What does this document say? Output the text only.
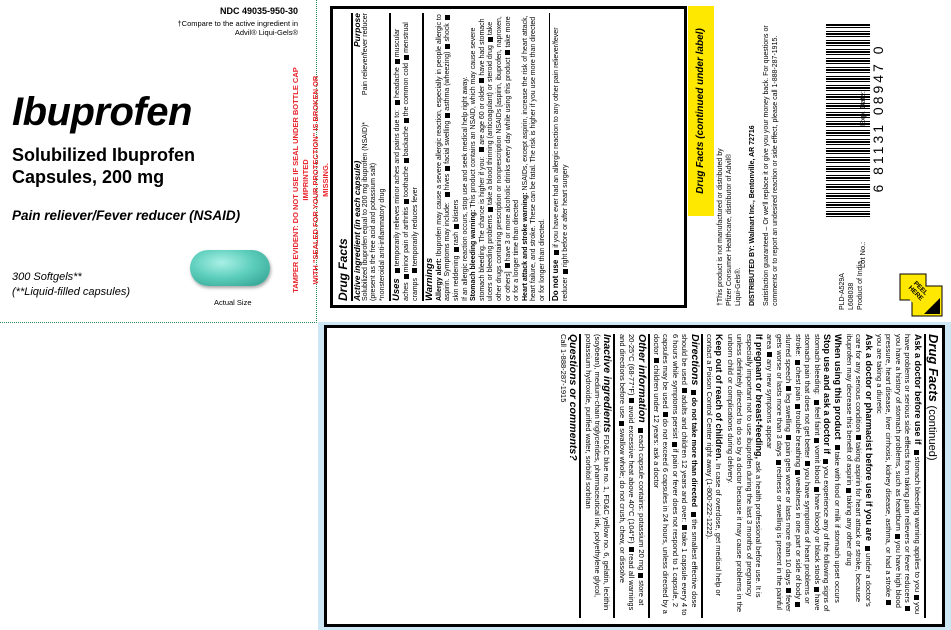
NDC 49035-950-30
†Compare to the active ingredient in
Advil® Liqui-Gels®
Ibuprofen
Solubilized Ibuprofen
Capsules, 200 mg
Pain reliever/Fever reducer (NSAID)
300 Softgels**
(**Liquid-filled capsules)
Actual Size
TAMPER EVIDENT: DO NOT USE IF SEAL UNDER BOTTLE CAP IMPRINTED WITH "SEALED FOR YOUR PROTECTION" IS BROKEN OR MISSING.
Drug Facts Active ingredient (in each capsule)
Purpose
Solubilized ibuprofen equal to 200 mg ibuprofen (NSAID)*
Pain reliever/fever reducer
(present as the free acid and potassium salt) *nonsteroidal anti-inflammatory drug Uses temporarily relieves minor aches and pains due to: headachemuscular achesminor pain of arthritistoothachebackachethe common coldmenstrual cramps temporarily reduces fever
Warnings
Allergy alert: Ibuprofen may cause a severe allergic reaction, especially in people allergic to aspirin. Symptoms may include: hivesfacial swellingasthma (wheezing)shockskin reddeningrashblisters If an allergic reaction occurs, stop use and seek medical help right away. Stomach bleeding warning: This product contains an NSAID, which may cause severe stomach bleeding. The chance is higher if you: are age 60 or olderhave had stomach ulcers or bleeding problemstake a blood thinning (anticoagulant) or steroid drugtake other drugs containing prescription or nonprescription NSAIDs [aspirin, ibuprofen, naproxen, or others]have 3 or more alcoholic drinks every day while using this producttake more or for a longer time than directed Heart attack and stroke warning: NSAIDs, except aspirin, increase the risk of heart attack, heart failure, and stroke. These can be fatal. The risk is higher if you use more than directed or for longer than directed. Do not use if you have ever had an allergic reaction to any other pain reliever/fever reducerright before or after heart surgery
Drug Facts (continued under label)
†This product is not manufactured or distributed by Pfizer Consumer Healthcare, distributor of Advil® Liqui-Gels®. DISTRIBUTED BY: Walmart Inc., Bentonville, AR 72716 Satisfaction guaranteed – Or we'll replace it or give you your money back. For questions or comments or to report an undesired reaction or side effect, please call 1-888-287-1915.	6 81131 08947 0
Exp. Date:
Lot No.:
PLD-A529A L608038 Product of India	PEEL HERE
Drug Facts (continued)
Ask a doctor before use if stomach bleeding warning applies to youyou have problems or serious side effects from taking pain relievers or fever reducersyou have a history of stomach problems, such as heartburnyou have high blood pressure, heart disease, liver cirrhosis, kidney disease, asthma, or had a strokeyou are taking a diuretic
Ask a doctor or pharmacist before use if you are under a doctor's care for any serious conditiontaking aspirin for heart attack or stroke, because ibuprofen may decrease this benefit of aspirintaking any other drug
When using this product take with food or milk if stomach upset occurs
Stop use and ask a doctor if you experience any of the following signs of stomach bleeding: feel faintvomit bloodhave bloody or black stoolshave stomach pain that does not get betteryou have symptoms of heart problems or stroke:chest paintrouble breathingweakness in one part or side of bodyslurred speechleg swellingpain gets worse or lasts more than 10 daysfever gets worse or lasts more than 3 daysredness or swelling is present in the painful areaany new symptoms appear
If pregnant or breast-feeding, ask a health professional before use. It is especially important not to use ibuprofen during the last 3 months of pregnancy unless definitely directed to do so by a doctor because it may cause problems in the unborn child or complications during delivery.
Keep out of reach of children. In case of overdose, get medical help or contact a Poison Control Center right away (1-800-222-1222).
Directions do not take more than directed the smallest effective dose should be usedadults and children 12 years and over:take 1 capsule every 4 to 6 hours while symptoms persistif pain or fever does not respond to 1 capsule, 2 capsules may be useddo not exceed 6 capsules in 24 hours, unless directed by a doctorchildren under 12 years: ask a doctor
Other information each capsule contains: potassium 20 mgstore at 20-25°C (68-77°F)avoid excessive heat above 40°C (104°F)read all warnings and directions before useswallow whole; do not crush, chew, or dissolve
Inactive ingredients FD&C blue no. 1, FD&C yellow no. 6, gelatin, lecithin (soybean), medium-chain triglycerides, pharmaceutical ink, polyethylene glycol, potassium hydroxide, purified water, sorbitol sorbitan
Questions or comments?
Call 1-888-287-1915
